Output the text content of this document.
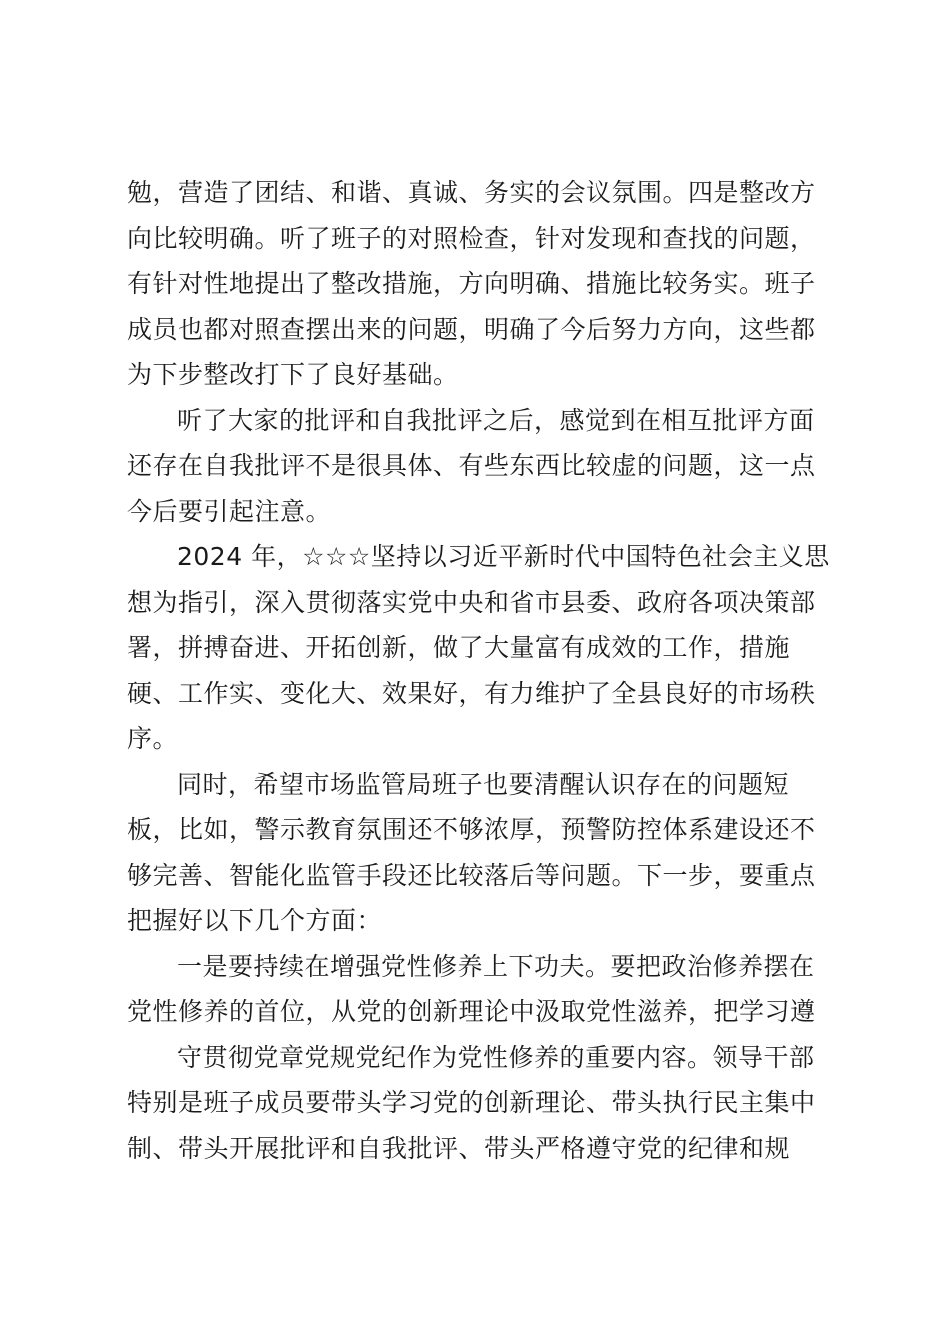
勉，营造了团结、和谐、真诚、务实的会议氛围。四是整改方
向比较明确。听了班子的对照检查，针对发现和查找的问题，
有针对性地提出了整改措施，方向明确、措施比较务实。班子
成员也都对照查摆出来的问题，明确了今后努力方向，这些都
为下步整改打下了良好基础。
听了大家的批评和自我批评之后，感觉到在相互批评方面
还存在自我批评不是很具体、有些东西比较虚的问题，这一点
今后要引起注意。
2024 年，☆☆☆坚持以习近平新时代中国特色社会主义思
想为指引，深入贯彻落实党中央和省市县委、政府各项决策部
署，拼搏奋进、开拓创新，做了大量富有成效的工作，措施
硬、工作实、变化大、效果好，有力维护了全县良好的市场秩
序。
同时，希望市场监管局班子也要清醒认识存在的问题短
板，比如，警示教育氛围还不够浓厚，预警防控体系建设还不
够完善、智能化监管手段还比较落后等问题。下一步，要重点
把握好以下几个方面：
一是要持续在增强党性修养上下功夫。要把政治修养摆在
党性修养的首位，从党的创新理论中汲取党性滋养，把学习遵
守贯彻党章党规党纪作为党性修养的重要内容。领导干部
特别是班子成员要带头学习党的创新理论、带头执行民主集中
制、带头开展批评和自我批评、带头严格遵守党的纪律和规
